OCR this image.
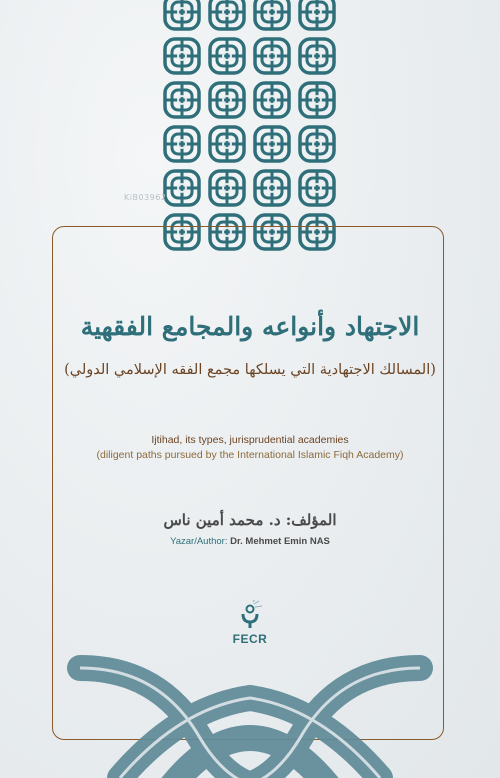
KiB03962
الاجتهاد وأنواعه والمجامع الفقهية
(المسالك الاجتهادية التي يسلكها مجمع الفقه الإسلامي الدولي)
Ijtihad, its types, jurisprudential academies
(diligent paths pursued by the International Islamic Fiqh Academy)
المؤلف: د. محمد أمين ناس
Yazar/Author: Dr. Mehmet Emin NAS
FECR
